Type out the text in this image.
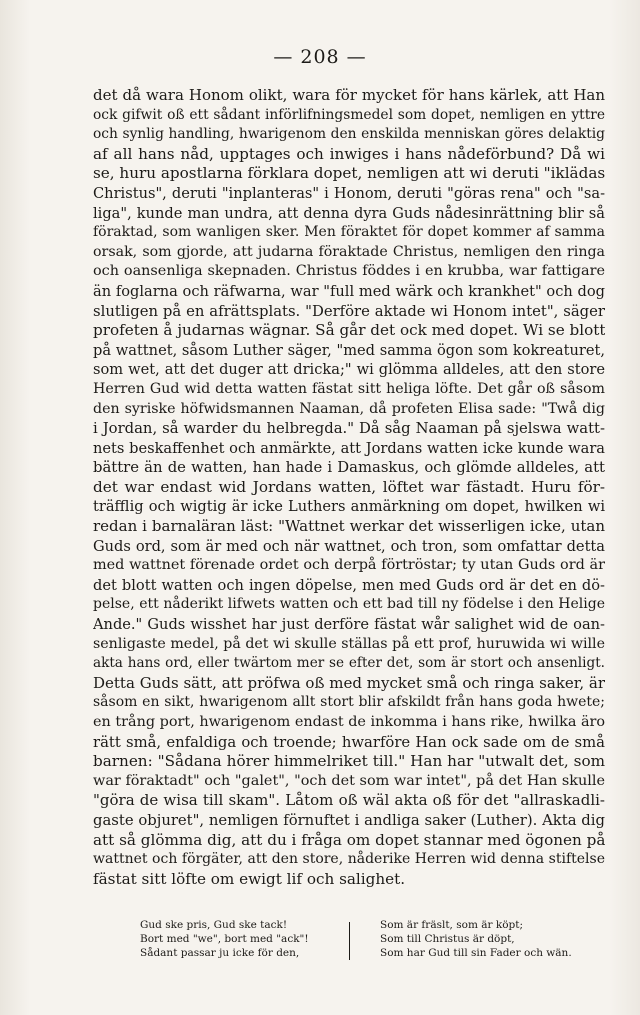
— 208 —
det då wara Honom olikt, wara för mycket för hans kärlek, att Han
ock gifwit oß ett sådant införlifningsmedel som dopet, nemligen en yttre
och synlig handling, hwarigenom den enskilda menniskan göres delaktig
af all hans nåd, upptages och inwiges i hans nådeförbund? Då wi
se, huru apostlarna förklara dopet, nemligen att wi deruti "iklädas
Christus", deruti "inplanteras" i Honom, deruti "göras rena" och "sa-
liga", kunde man undra, att denna dyra Guds nådesinrättning blir så
föraktad, som wanligen sker. Men föraktet för dopet kommer af samma
orsak, som gjorde, att judarna föraktade Christus, nemligen den ringa
och oansenliga skepnaden. Christus föddes i en krubba, war fattigare
än foglarna och räfwarna, war "full med wärk och krankhet" och dog
slutligen på en afrättsplats. "Derföre aktade wi Honom intet", säger
profeten å judarnas wägnar. Så går det ock med dopet. Wi se blott
på wattnet, såsom Luther säger, "med samma ögon som kokreaturet,
som wet, att det duger att dricka;" wi glömma alldeles, att den store
Herren Gud wid detta watten fästat sitt heliga löfte. Det går oß såsom
den syriske höfwidsmannen Naaman, då profeten Elisa sade: "Twå dig
i Jordan, så warder du helbregda." Då såg Naaman på sjelswa watt-
nets beskaffenhet och anmärkte, att Jordans watten icke kunde wara
bättre än de watten, han hade i Damaskus, och glömde alldeles, att
det war endast wid Jordans watten, löftet war fästadt. Huru för-
träfflig och wigtig är icke Luthers anmärkning om dopet, hwilken wi
redan i barnaläran läst: "Wattnet werkar det wisserligen icke, utan
Guds ord, som är med och när wattnet, och tron, som omfattar detta
med wattnet förenade ordet och derpå förtröstar; ty utan Guds ord är
det blott watten och ingen döpelse, men med Guds ord är det en dö-
pelse, ett nåderikt lifwets watten och ett bad till ny födelse i den Helige
Ande." Guds wisshet har just derföre fästat wår salighet wid de oan-
senligaste medel, på det wi skulle ställas på ett prof, huruwida wi wille
akta hans ord, eller twärtom mer se efter det, som är stort och ansenligt.
Detta Guds sätt, att pröfwa oß med mycket små och ringa saker, är
såsom en sikt, hwarigenom allt stort blir afskildt från hans goda hwete;
en trång port, hwarigenom endast de inkomma i hans rike, hwilka äro
rätt små, enfaldiga och troende; hwarföre Han ock sade om de små
barnen: "Sådana hörer himmelriket till." Han har "utwalt det, som
war föraktadt" och "galet", "och det som war intet", på det Han skulle
"göra de wisa till skam". Låtom oß wäl akta oß för det "allraskadli-
gaste objuret", nemligen förnuftet i andliga saker (Luther). Akta dig
att så glömma dig, att du i fråga om dopet stannar med ögonen på
wattnet och förgäter, att den store, nåderike Herren wid denna stiftelse
fästat sitt löfte om ewigt lif och salighet.
Gud ske pris, Gud ske tack!
Bort med "we", bort med "ack"!
Sådant passar ju icke för den,
Som är fräslt, som är köpt;
Som till Christus är döpt,
Som har Gud till sin Fader och wän.
